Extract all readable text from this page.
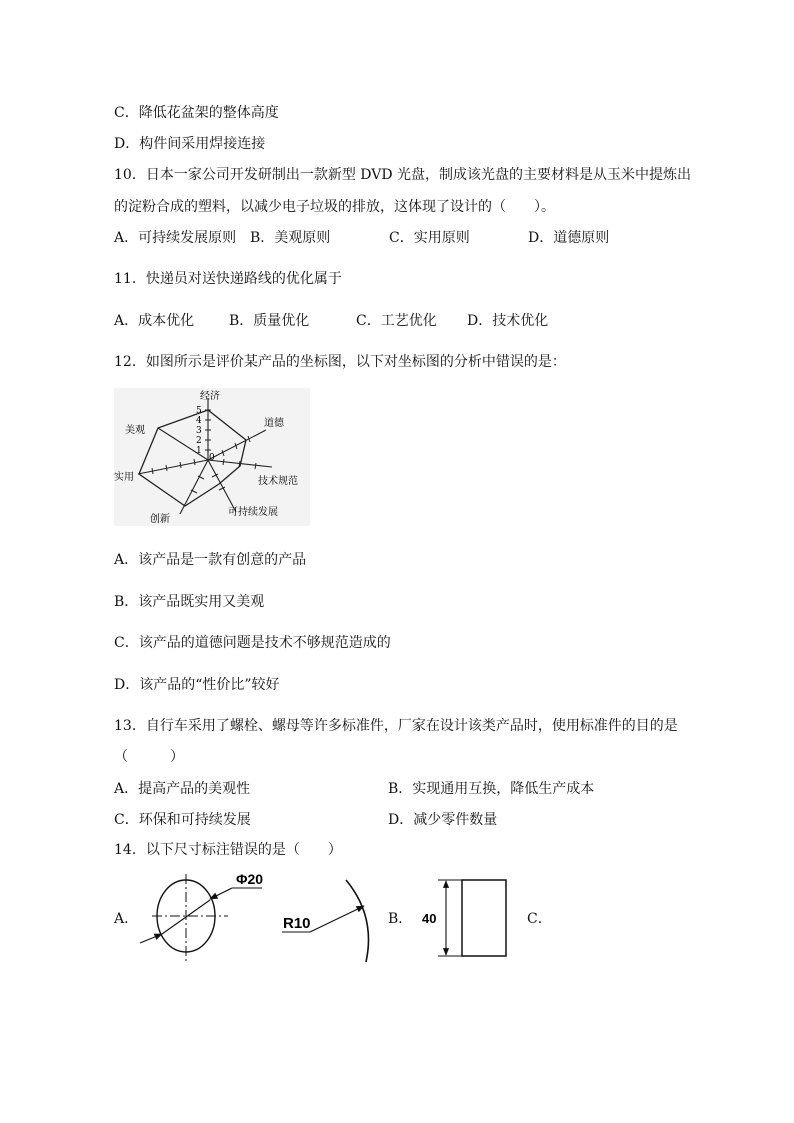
C．降低花盆架的整体高度
D．构件间采用焊接连接
10．日本一家公司开发研制出一款新型 DVD 光盘，制成该光盘的主要材料是从玉米中提炼出
的淀粉合成的塑料，以减少电子垃圾的排放，这体现了设计的（　　）。
A．可持续发展原则 B．美观原则	C．实用原则	D．道德原则
11．快递员对送快递路线的优化属于
A．成本优化 B．质量优化	C．工艺优化 D．技术优化
12．如图所示是评价某产品的坐标图，以下对坐标图的分析中错误的是：
5
4
3
2
1
0
经济
道德
技术规范
可持续发展
创新
实用
美观
A．该产品是一款有创意的产品
B．该产品既实用又美观
C．该产品的道德问题是技术不够规范造成的
D．该产品的“性价比”较好
13．自行车采用了螺栓、螺母等许多标准件，厂家在设计该类产品时，使用标准件的目的是
（　　　）
A．提高产品的美观性	B．实现通用互换，降低生产成本
C．环保和可持续发展	D．减少零件数量
14．以下尺寸标注错误的是（　　）
A．
Φ20
R10	B． 40	C．
